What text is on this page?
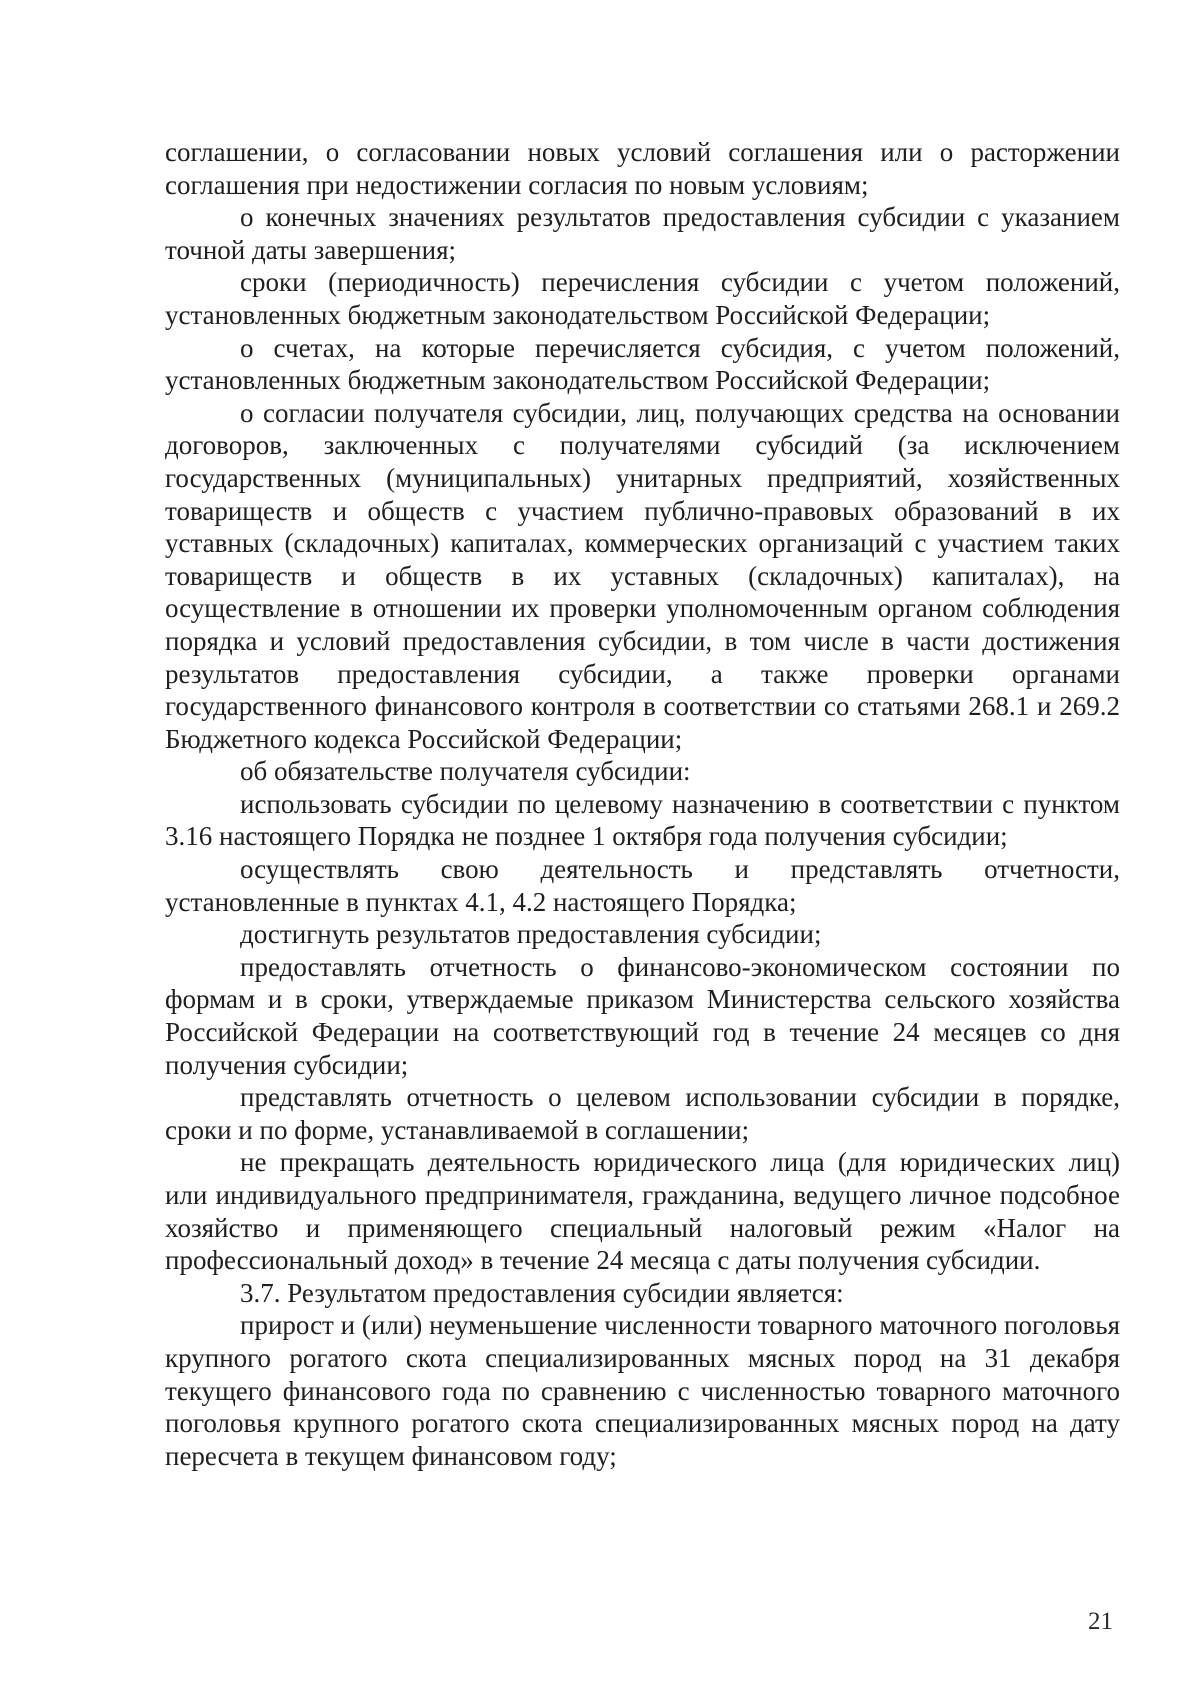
соглашении, о согласовании новых условий соглашения или о расторжении соглашения при недостижении согласия по новым условиям;

о конечных значениях результатов предоставления субсидии с указанием точной даты завершения;

сроки (периодичность) перечисления субсидии с учетом положений, установленных бюджетным законодательством Российской Федерации;

о счетах, на которые перечисляется субсидия, с учетом положений, установленных бюджетным законодательством Российской Федерации;

о согласии получателя субсидии, лиц, получающих средства на основании договоров, заключенных с получателями субсидий (за исключением государственных (муниципальных) унитарных предприятий, хозяйственных товариществ и обществ с участием публично-правовых образований в их уставных (складочных) капиталах, коммерческих организаций с участием таких товариществ и обществ в их уставных (складочных) капиталах), на осуществление в отношении их проверки уполномоченным органом соблюдения порядка и условий предоставления субсидии, в том числе в части достижения результатов предоставления субсидии, а также проверки органами государственного финансового контроля в соответствии со статьями 268.1 и 269.2 Бюджетного кодекса Российской Федерации;

об обязательстве получателя субсидии:

использовать субсидии по целевому назначению в соответствии с пунктом 3.16 настоящего Порядка не позднее 1 октября года получения субсидии;

осуществлять свою деятельность и представлять отчетности, установленные в пунктах 4.1, 4.2 настоящего Порядка;

достигнуть результатов предоставления субсидии;

предоставлять отчетность о финансово-экономическом состоянии по формам и в сроки, утверждаемые приказом Министерства сельского хозяйства Российской Федерации на соответствующий год в течение 24 месяцев со дня получения субсидии;

представлять отчетность о целевом использовании субсидии в порядке, сроки и по форме, устанавливаемой в соглашении;

не прекращать деятельность юридического лица (для юридических лиц) или индивидуального предпринимателя, гражданина, ведущего личное подсобное хозяйство и применяющего специальный налоговый режим «Налог на профессиональный доход» в течение 24 месяца с даты получения субсидии.

3.7. Результатом предоставления субсидии является:

прирост и (или) неуменьшение численности товарного маточного поголовья крупного рогатого скота специализированных мясных пород на 31 декабря текущего финансового года по сравнению с численностью товарного маточного поголовья крупного рогатого скота специализированных мясных пород на дату пересчета в текущем финансовом году;

21
